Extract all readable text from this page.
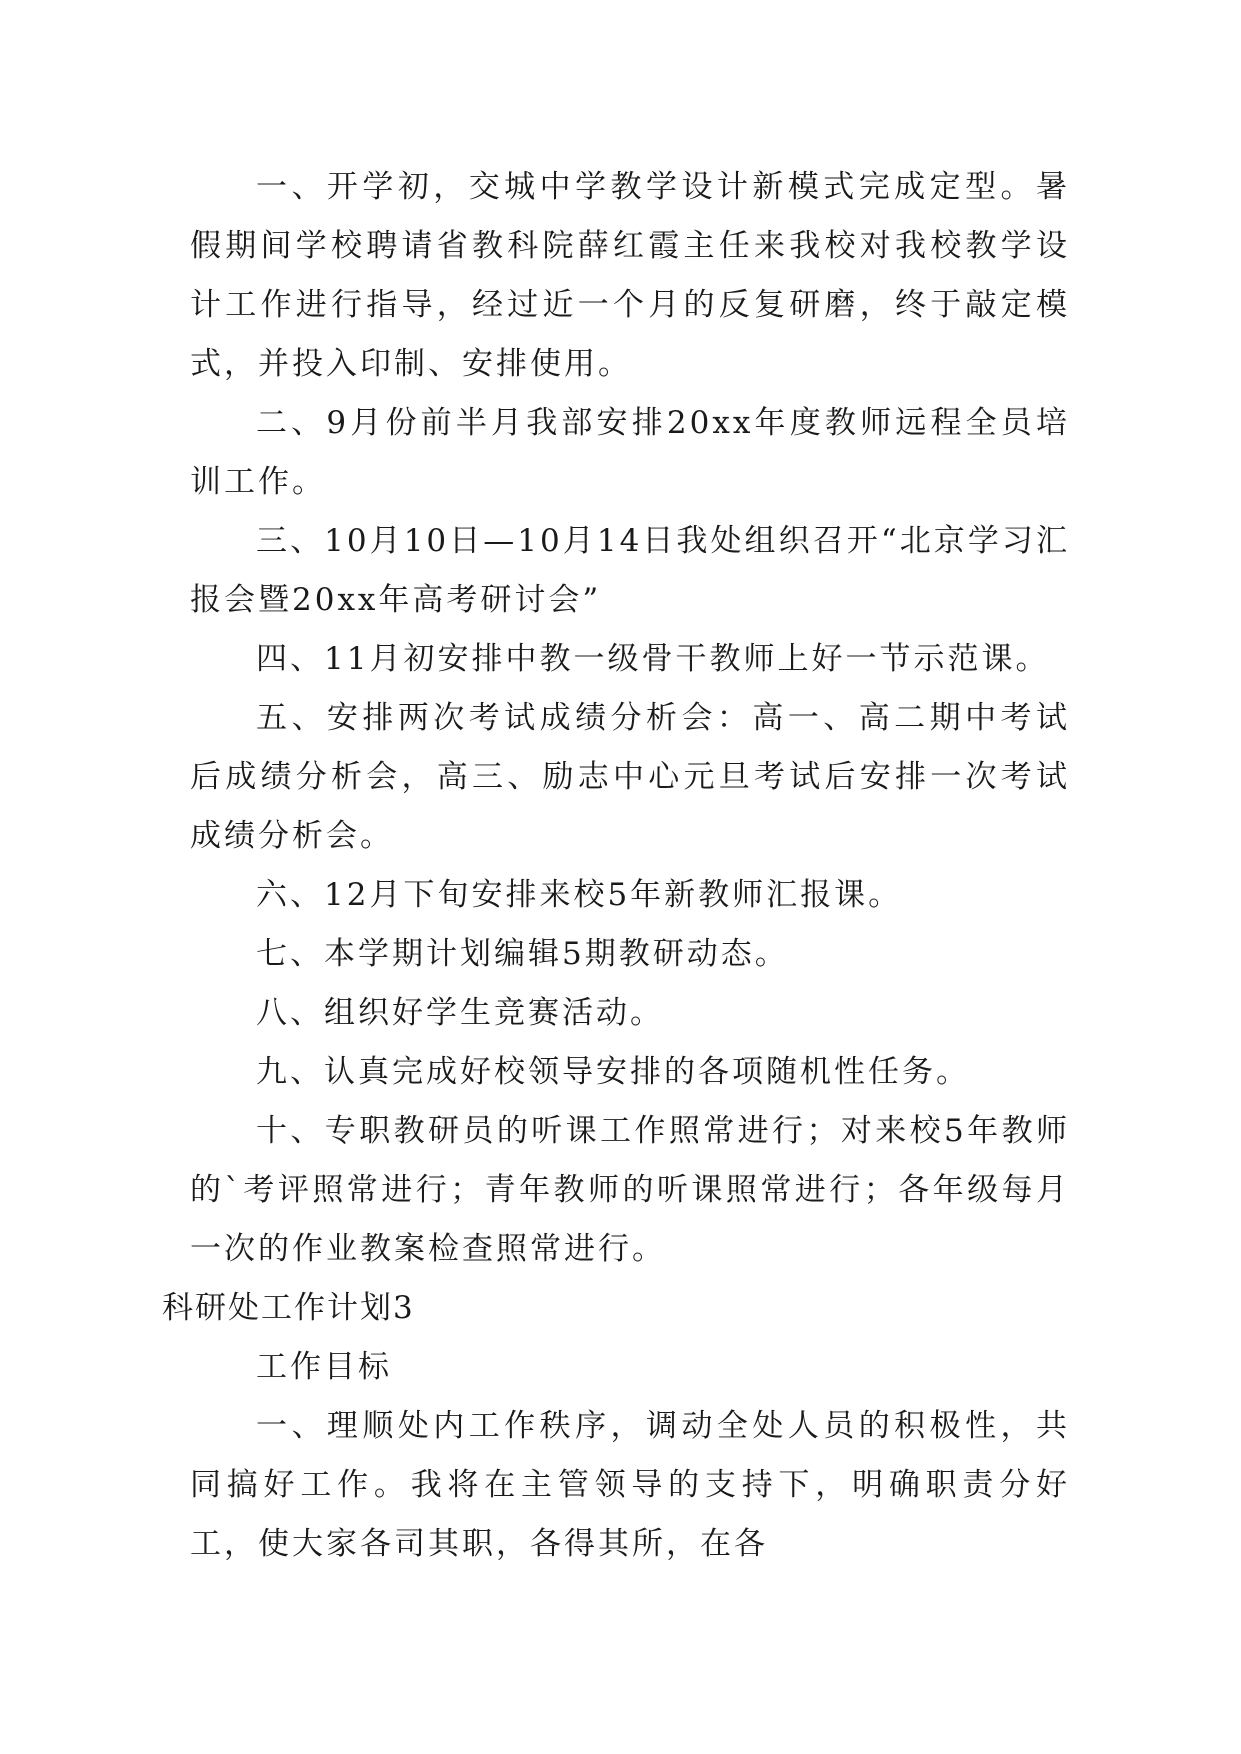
一、开学初，交城中学教学设计新模式完成定型。暑假期间学校聘请省教科院薛红霞主任来我校对我校教学设计工作进行指导，经过近一个月的反复研磨，终于敲定模式，并投入印制、安排使用。

二、9月份前半月我部安排20xx年度教师远程全员培训工作。

三、10月10日—10月14日我处组织召开“北京学习汇报会暨20xx年高考研讨会”

四、11月初安排中教一级骨干教师上好一节示范课。

五、安排两次考试成绩分析会：高一、高二期中考试后成绩分析会，高三、励志中心元旦考试后安排一次考试成绩分析会。

六、12月下旬安排来校5年新教师汇报课。

七、本学期计划编辑5期教研动态。

八、组织好学生竞赛活动。

九、认真完成好校领导安排的各项随机性任务。

十、专职教研员的听课工作照常进行；对来校5年教师的`考评照常进行；青年教师的听课照常进行；各年级每月一次的作业教案检查照常进行。

科研处工作计划3

工作目标

一、理顺处内工作秩序，调动全处人员的积极性，共同搞好工作。我将在主管领导的支持下，明确职责分好工，使大家各司其职，各得其所，在各
